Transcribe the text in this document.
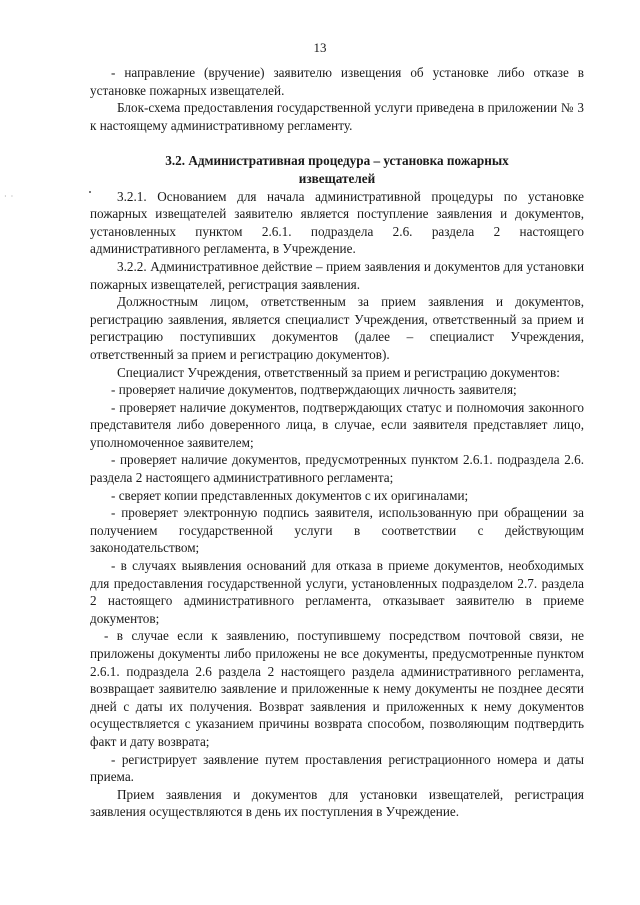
13
· ·

- направление (вручение) заявителю извещения об установке либо отказе в установке пожарных извещателей.

Блок-схема предоставления государственной услуги приведена в приложении № 3 к настоящему административному регламенту.

3.2. Административная процедура – установка пожарных извещателей

3.2.1. Основанием для начала административной процедуры по установке пожарных извещателей заявителю является поступление заявления и документов, установленных пунктом 2.6.1. подраздела 2.6. раздела 2 настоящего административного регламента, в Учреждение.

3.2.2. Административное действие – прием заявления и документов для установки пожарных извещателей, регистрация заявления.

Должностным лицом, ответственным за прием заявления и документов, регистрацию заявления, является специалист Учреждения, ответственный за прием и регистрацию поступивших документов (далее – специалист Учреждения, ответственный за прием и регистрацию документов).

Специалист Учреждения, ответственный за прием и регистрацию документов:

- проверяет наличие документов, подтверждающих личность заявителя;

- проверяет наличие документов, подтверждающих статус и полномочия законного представителя либо доверенного лица, в случае, если заявителя представляет лицо, уполномоченное заявителем;

- проверяет наличие документов, предусмотренных пунктом 2.6.1. подраздела 2.6. раздела 2 настоящего административного регламента;

- сверяет копии представленных документов с их оригиналами;

- проверяет электронную подпись заявителя, использованную при обращении за получением государственной услуги в соответствии с действующим законодательством;

- в случаях выявления оснований для отказа в приеме документов, необходимых для предоставления государственной услуги, установленных подразделом 2.7. раздела 2 настоящего административного регламента, отказывает заявителю в приеме документов;

- в случае если к заявлению, поступившему посредством почтовой связи, не приложены документы либо приложены не все документы, предусмотренные пунктом 2.6.1. подраздела 2.6 раздела 2 настоящего раздела административного регламента, возвращает заявителю заявление и приложенные к нему документы не позднее десяти дней с даты их получения. Возврат заявления и приложенных к нему документов осуществляется с указанием причины возврата способом, позволяющим подтвердить факт и дату возврата;

- регистрирует заявление путем проставления регистрационного номера и даты приема.

Прием заявления и документов для установки извещателей, регистрация заявления осуществляются в день их поступления в Учреждение.
